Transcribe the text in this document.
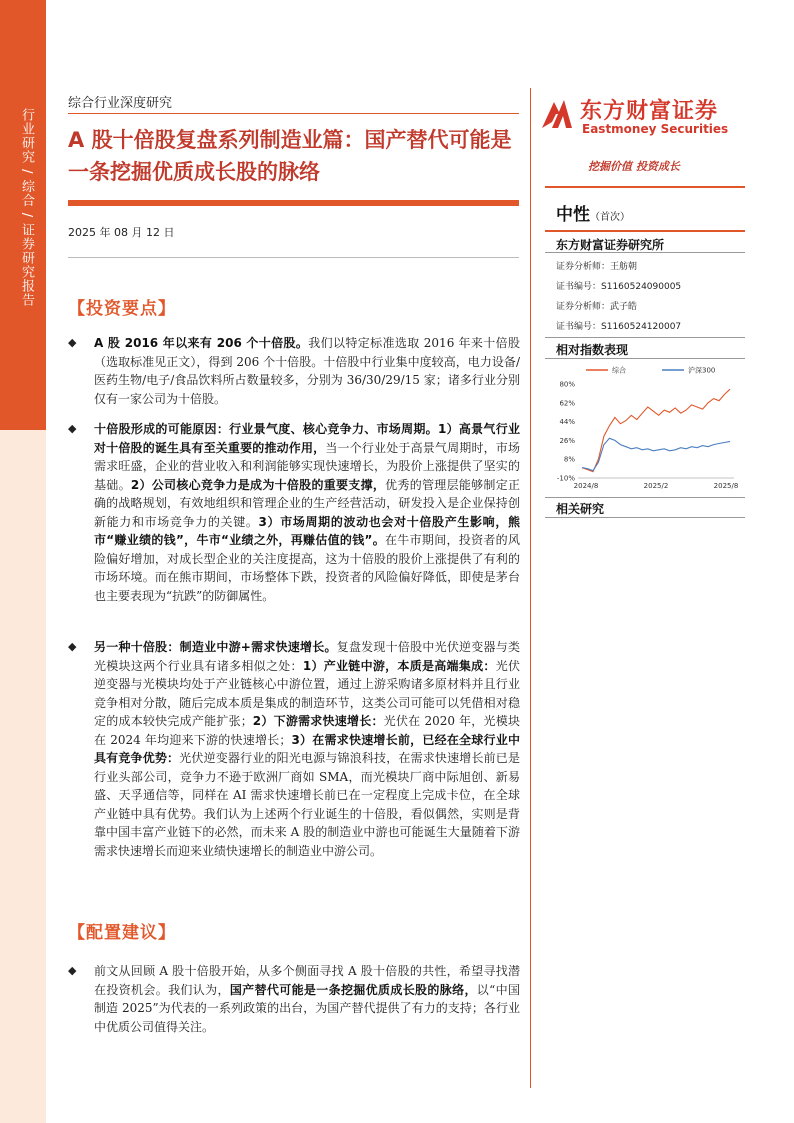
行业研究 / 综合 / 证券研究报告
综合行业深度研究
A 股十倍股复盘系列制造业篇：国产替代可能是一条挖掘优质成长股的脉络
2025 年 08 月 12 日
【投资要点】
◆ A 股 2016 年以来有 206 个十倍股。我们以特定标准选取 2016 年来十倍股（选取标准见正文），得到 206 个十倍股。十倍股中行业集中度较高，电力设备/医药生物/电子/食品饮料所占数量较多，分别为 36/30/29/15 家；诸多行业分别仅有一家公司为十倍股。
◆ 十倍股形成的可能原因：行业景气度、核心竞争力、市场周期。1）高景气行业对十倍股的诞生具有至关重要的推动作用，当一个行业处于高景气周期时，市场需求旺盛，企业的营业收入和利润能够实现快速增长，为股价上涨提供了坚实的基础。2）公司核心竞争力是成为十倍股的重要支撑，优秀的管理层能够制定正确的战略规划，有效地组织和管理企业的生产经营活动，研发投入是企业保持创新能力和市场竞争力的关键。3）市场周期的波动也会对十倍股产生影响，熊市“赚业绩的钱”，牛市“业绩之外，再赚估值的钱”。在牛市期间，投资者的风险偏好增加，对成长型企业的关注度提高，这为十倍股的股价上涨提供了有利的市场环境。而在熊市期间，市场整体下跌，投资者的风险偏好降低，即使是茅台也主要表现为“抗跌”的防御属性。
◆ 另一种十倍股：制造业中游+需求快速增长。复盘发现十倍股中光伏逆变器与类光模块这两个行业具有诸多相似之处：1）产业链中游，本质是高端集成：光伏逆变器与光模块均处于产业链核心中游位置，通过上游采购诸多原材料并且行业竞争相对分散，随后完成本质是集成的制造环节，这类公司可能可以凭借相对稳定的成本较快完成产能扩张；2）下游需求快速增长：光伏在 2020 年，光模块在 2024 年均迎来下游的快速增长；3）在需求快速增长前，已经在全球行业中具有竞争优势：光伏逆变器行业的阳光电源与锦浪科技，在需求快速增长前已是行业头部公司，竞争力不逊于欧洲厂商如 SMA，而光模块厂商中际旭创、新易盛、天孚通信等，同样在 AI 需求快速增长前已在一定程度上完成卡位，在全球产业链中具有优势。我们认为上述两个行业诞生的十倍股，看似偶然，实则是背靠中国丰富产业链下的必然，而未来 A 股的制造业中游也可能诞生大量随着下游需求快速增长而迎来业绩快速增长的制造业中游公司。
【配置建议】
◆ 前文从回顾 A 股十倍股开始，从多个侧面寻找 A 股十倍股的共性，希望寻找潜在投资机会。我们认为，国产替代可能是一条挖掘优质成长股的脉络，以“中国制造 2025”为代表的一系列政策的出台，为国产替代提供了有力的支持；各行业中优质公司值得关注。
东方财富证券
Eastmoney Securities
挖掘价值 投资成长
中性（首次）
东方财富证券研究所
证券分析师：王舫朝
证书编号：S1160524090005
证券分析师：武子皓
证书编号：S1160524120007
相对指数表现
综合	沪深300
80%
62%
44%
26%
8%
-10%
2024/8	2025/2	2025/8
相关研究
